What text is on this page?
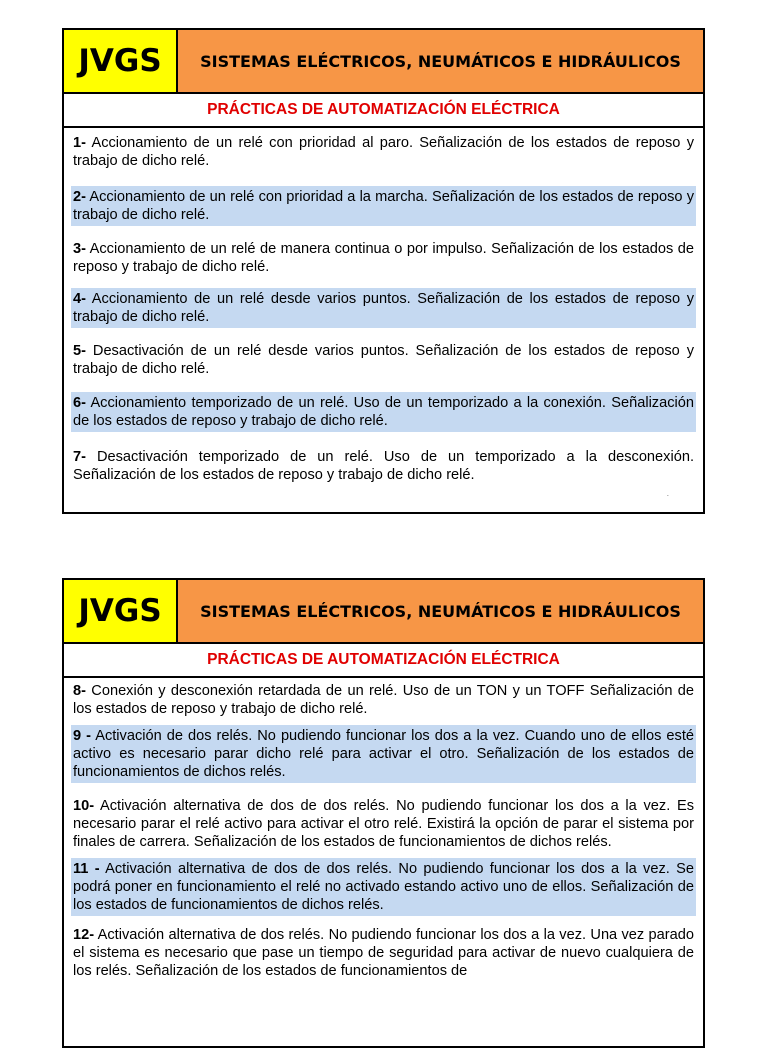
JVGS	SISTEMAS ELÉCTRICOS, NEUMÁTICOS E HIDRÁULICOS
PRÁCTICAS DE AUTOMATIZACIÓN ELÉCTRICA
1- Accionamiento de un relé con prioridad al paro. Señalización de los estados de reposo y trabajo de dicho relé.
2- Accionamiento de un relé con prioridad a la marcha. Señalización de los estados de reposo y trabajo de dicho relé.
3- Accionamiento de un relé de manera continua o por impulso. Señalización de los estados de reposo y trabajo de dicho relé.
4- Accionamiento de un relé desde varios puntos. Señalización de los estados de reposo y trabajo de dicho relé.
5- Desactivación de un relé desde varios puntos. Señalización de los estados de reposo y trabajo de dicho relé.
6- Accionamiento temporizado de un relé. Uso de un temporizado a la conexión. Señalización de los estados de reposo y trabajo de dicho relé.
7- Desactivación temporizado de un relé. Uso de un temporizado a la desconexión. Señalización de los estados de reposo y trabajo de dicho relé.
.
JVGS	SISTEMAS ELÉCTRICOS, NEUMÁTICOS E HIDRÁULICOS
PRÁCTICAS DE AUTOMATIZACIÓN ELÉCTRICA
8- Conexión y desconexión retardada de un relé. Uso de un TON y un TOFF Señalización de los estados de reposo y trabajo de dicho relé.
9 - Activación de dos relés. No pudiendo funcionar los dos a la vez. Cuando uno de ellos esté activo es necesario parar dicho relé para activar el otro. Señalización de los estados de funcionamientos de dichos relés.
10- Activación alternativa de dos de dos relés. No pudiendo funcionar los dos a la vez. Es necesario parar el relé activo para activar el otro relé. Existirá la opción de parar el sistema por finales de carrera. Señalización de los estados de funcionamientos de dichos relés.
11 - Activación alternativa de dos de dos relés. No pudiendo funcionar los dos a la vez. Se podrá poner en funcionamiento el relé no activado estando activo uno de ellos. Señalización de los estados de funcionamientos de dichos relés.
12- Activación alternativa de dos relés. No pudiendo funcionar los dos a la vez. Una vez parado el sistema es necesario que pase un tiempo de seguridad para activar de nuevo cualquiera de los relés. Señalización de los estados de funcionamientos de
